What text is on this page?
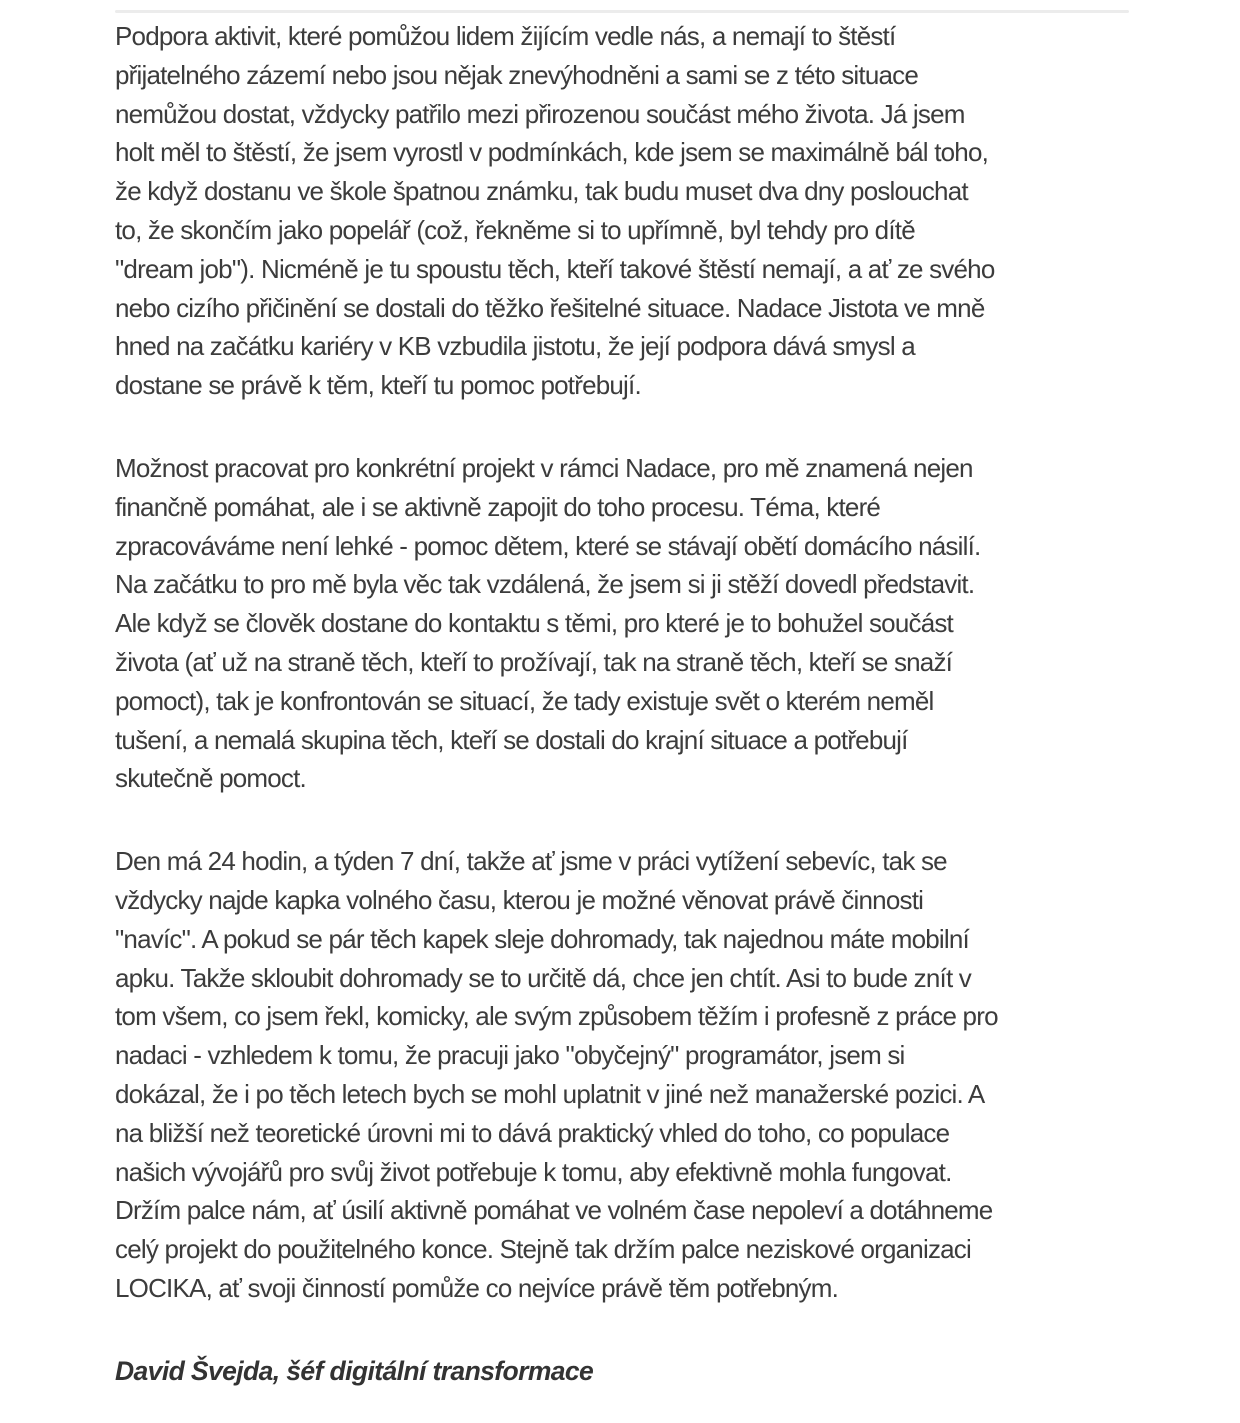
Podpora aktivit, které pomůžou lidem žijícím vedle nás, a nemají to štěstí
přijatelného zázemí nebo jsou nějak znevýhodněni a sami se z této situace
nemůžou dostat, vždycky patřilo mezi přirozenou součást mého života. Já jsem
holt měl to štěstí, že jsem vyrostl v podmínkách, kde jsem se maximálně bál toho,
že když dostanu ve škole špatnou známku, tak budu muset dva dny poslouchat
to, že skončím jako popelář (což, řekněme si to upřímně, byl tehdy pro dítě
"dream job"). Nicméně je tu spoustu těch, kteří takové štěstí nemají, a ať ze svého
nebo cizího přičinění se dostali do těžko řešitelné situace. Nadace Jistota ve mně
hned na začátku kariéry v KB vzbudila jistotu, že její podpora dává smysl a
dostane se právě k těm, kteří tu pomoc potřebují.

Možnost pracovat pro konkrétní projekt v rámci Nadace, pro mě znamená nejen
finančně pomáhat, ale i se aktivně zapojit do toho procesu. Téma, které
zpracováváme není lehké - pomoc dětem, které se stávají obětí domácího násilí.
Na začátku to pro mě byla věc tak vzdálená, že jsem si ji stěží dovedl představit.
Ale když se člověk dostane do kontaktu s těmi, pro které je to bohužel součást
života (ať už na straně těch, kteří to prožívají, tak na straně těch, kteří se snaží
pomoct), tak je konfrontován se situací, že tady existuje svět o kterém neměl
tušení, a nemalá skupina těch, kteří se dostali do krajní situace a potřebují
skutečně pomoct.

Den má 24 hodin, a týden 7 dní, takže ať jsme v práci vytížení sebevíc, tak se
vždycky najde kapka volného času, kterou je možné věnovat právě činnosti
"navíc". A pokud se pár těch kapek sleje dohromady, tak najednou máte mobilní
apku. Takže skloubit dohromady se to určitě dá, chce jen chtít. Asi to bude znít v
tom všem, co jsem řekl, komicky, ale svým způsobem těžím i profesně z práce pro
nadaci - vzhledem k tomu, že pracuji jako "obyčejný" programátor, jsem si
dokázal, že i po těch letech bych se mohl uplatnit v jiné než manažerské pozici. A
na bližší než teoretické úrovni mi to dává praktický vhled do toho, co populace
našich vývojářů pro svůj život potřebuje k tomu, aby efektivně mohla fungovat.
Držím palce nám, ať úsilí aktivně pomáhat ve volném čase nepoleví a dotáhneme
celý projekt do použitelného konce. Stejně tak držím palce neziskové organizaci
LOCIKA, ať svoji činností pomůže co nejvíce právě těm potřebným.

David Švejda, šéf digitální transformace
